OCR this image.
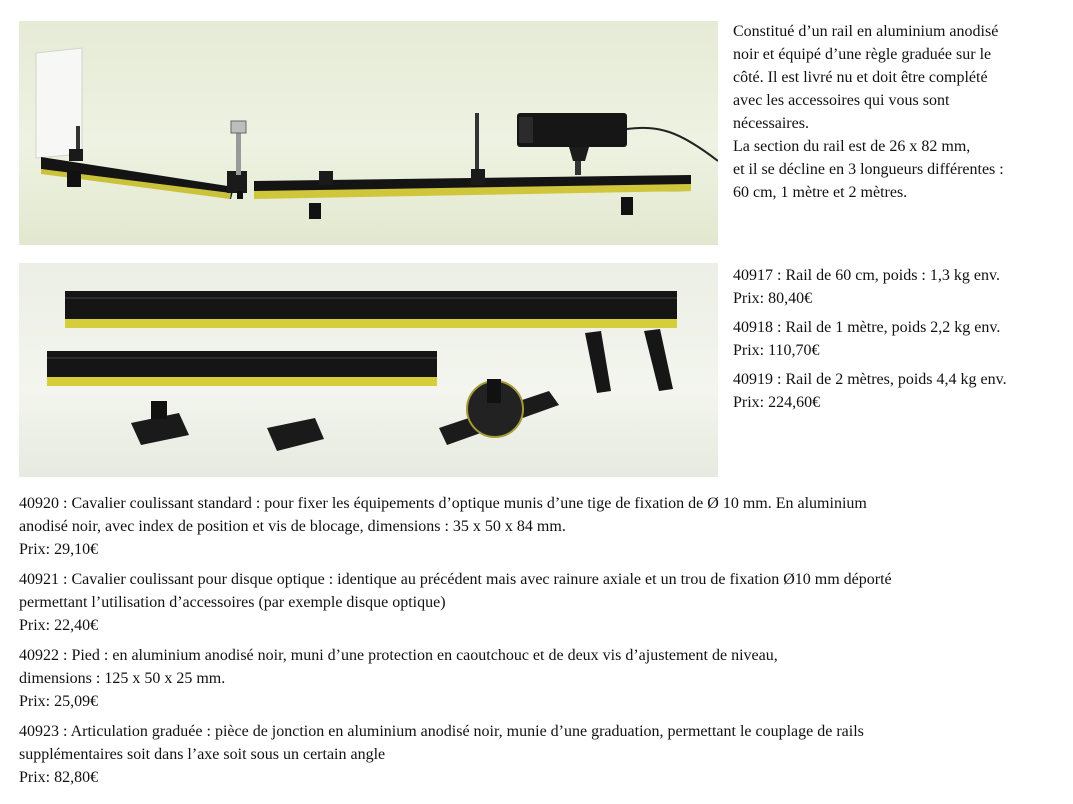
Constitué d’un rail en aluminium anodisé

noir et équipé d’une règle graduée sur le

côté. Il est livré nu et doit être complété

avec les accessoires qui vous sont

nécessaires.

La section du rail est de 26 x 82 mm,

et il se décline en 3 longueurs différentes :

60 cm, 1 mètre et 2 mètres.

40917 : Rail de 60 cm, poids : 1,3 kg env.
Prix: 80,40€
40918 : Rail de 1 mètre, poids 2,2 kg env.
Prix: 110,70€
40919 : Rail de 2 mètres, poids 4,4 kg env.
Prix: 224,60€
40920 : Cavalier coulissant standard : pour fixer les équipements d’optique munis d’une tige de fixation de Ø 10 mm. En aluminium
anodisé noir, avec index de position et vis de blocage, dimensions : 35 x 50 x 84 mm.
Prix: 29,10€
40921 : Cavalier coulissant pour disque optique : identique au précédent mais avec rainure axiale et un trou de fixation Ø10 mm déporté
permettant l’utilisation d’accessoires (par exemple disque optique)
Prix: 22,40€
40922 : Pied : en aluminium anodisé noir, muni d’une protection en caoutchouc et de deux vis d’ajustement de niveau,
dimensions : 125 x 50 x 25 mm.
Prix: 25,09€
40923 : Articulation graduée : pièce de jonction en aluminium anodisé noir, munie d’une graduation, permettant le couplage de rails
supplémentaires soit dans l’axe soit sous un certain angle
Prix: 82,80€
